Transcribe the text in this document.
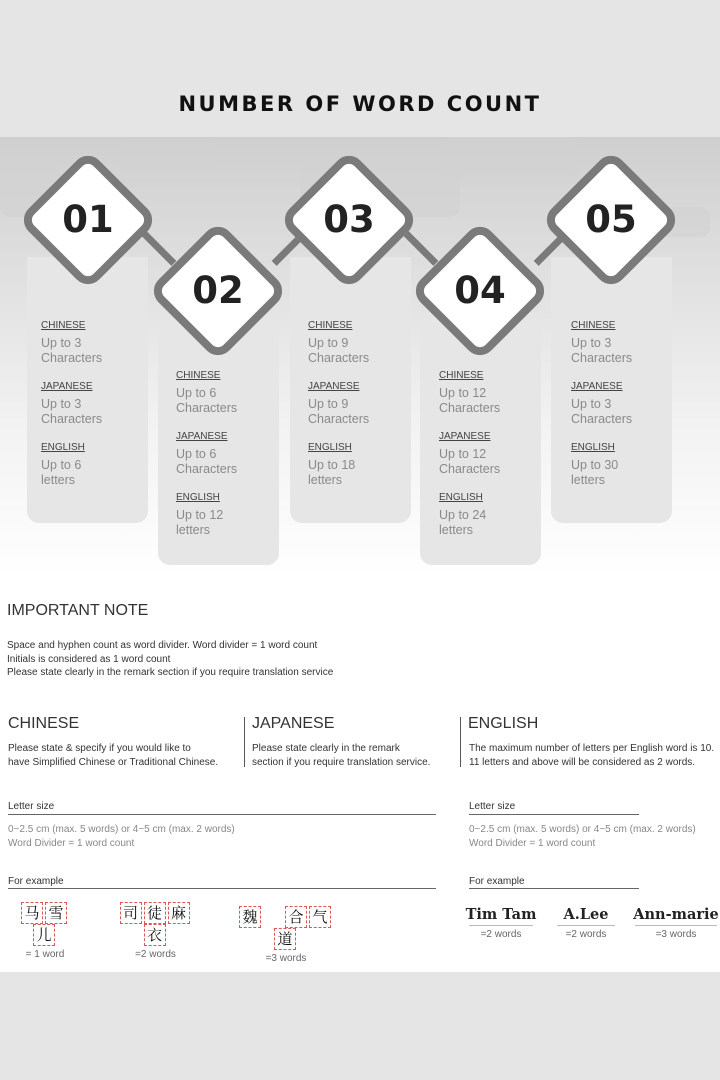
NUMBER OF WORD COUNT
01
02
03
04
05
CHINESE
Up to 3
Characters
JAPANESE
Up to 3
Characters
ENGLISH
Up to 6
letters
CHINESE
Up to 6
Characters
JAPANESE
Up to 6
Characters
ENGLISH
Up to 12
letters
CHINESE
Up to 9
Characters
JAPANESE
Up to 9
Characters
ENGLISH
Up to 18
letters
CHINESE
Up to 12
Characters
JAPANESE
Up to 12
Characters
ENGLISH
Up to 24
letters
CHINESE
Up to 3
Characters
JAPANESE
Up to 3
Characters
ENGLISH
Up to 30
letters
IMPORTANT NOTE
Space and hyphen count as word divider. Word divider = 1 word count
Initials is considered as 1 word count
Please state clearly in the remark section if you require translation service
CHINESE
Please state & specify if you would like to
have Simplified Chinese or Traditional Chinese.
JAPANESE
Please state clearly in the remark
section if you require translation service.
ENGLISH
The maximum number of letters per English word is 10.
11 letters and above will be considered as 2 words.
Letter size
0~2.5 cm (max. 5 words) or 4~5 cm (max. 2 words)
Word Divider = 1 word count
Letter size
0~2.5 cm (max. 5 words) or 4~5 cm (max. 2 words)
Word Divider = 1 word count
For example	For example
马 雪儿
= 1 word
司 徒 麻衣
=2 words
魏 合 气道
=3 words
Tim Tam
=2 words
A.Lee
=2 words
Ann-marie
=3 words
